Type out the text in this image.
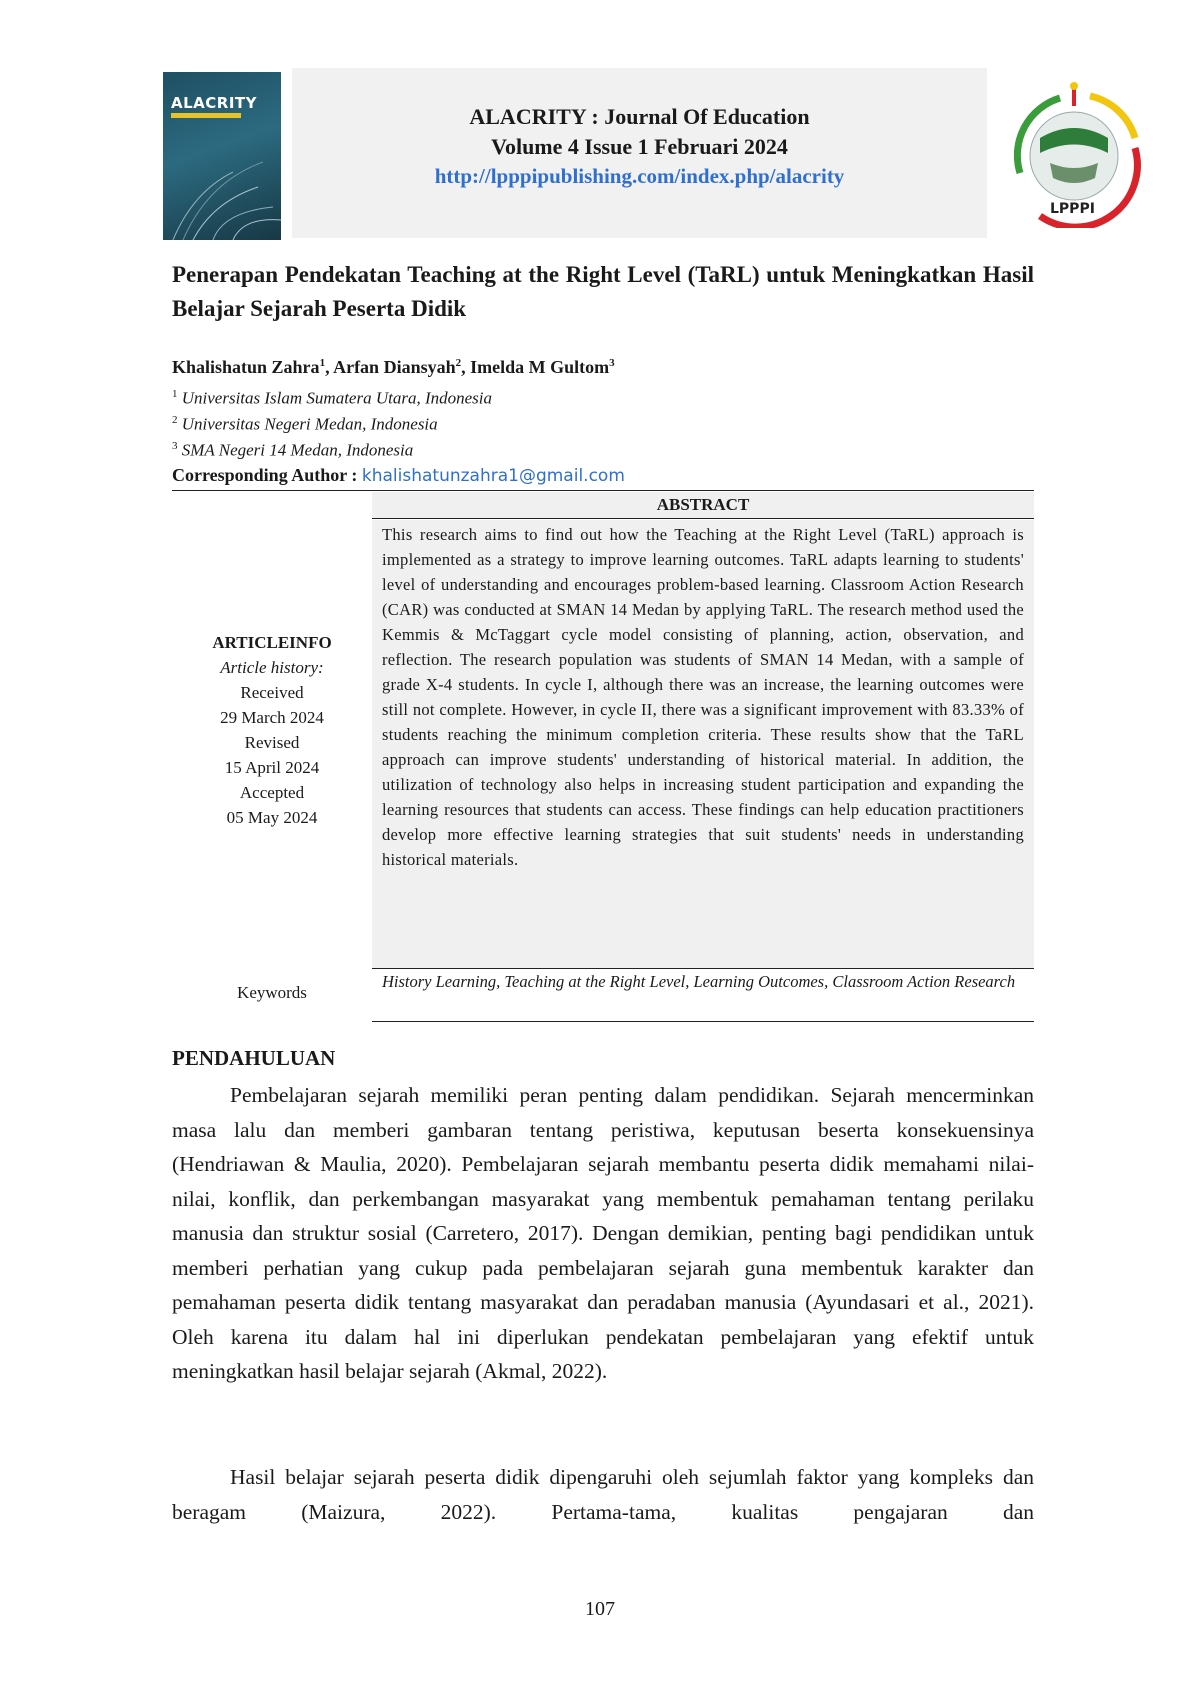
ALACRITY
ALACRITY : Journal Of Education
Volume 4 Issue 1 Februari 2024
http://lpppipublishing.com/index.php/alacrity
LPPPI
Penerapan Pendekatan Teaching at the Right Level (TaRL) untuk Meningkatkan Hasil Belajar Sejarah Peserta Didik
Khalishatun Zahra$^1$, Arfan Diansyah$^2$, Imelda M Gultom$^3$
$^1$ Universitas Islam Sumatera Utara, Indonesia
$^2$ Universitas Negeri Medan, Indonesia
$^3$ SMA Negeri 14 Medan, Indonesia
Corresponding Author : khalishatunzahra1@gmail.com
ABSTRACT
This research aims to find out how the Teaching at the Right Level (TaRL) approach is implemented as a strategy to improve learning outcomes. TaRL adapts learning to students' level of understanding and encourages problem-based learning. Classroom Action Research (CAR) was conducted at SMAN 14 Medan by applying TaRL. The research method used the Kemmis & McTaggart cycle model consisting of planning, action, observation, and reflection. The research population was students of SMAN 14 Medan, with a sample of grade X-4 students. In cycle I, although there was an increase, the learning outcomes were still not complete. However, in cycle II, there was a significant improvement with 83.33% of students reaching the minimum completion criteria. These results show that the TaRL approach can improve students' understanding of historical material. In addition, the utilization of technology also helps in increasing student participation and expanding the learning resources that students can access. These findings can help education practitioners develop more effective learning strategies that suit students' needs in understanding historical materials.
ARTICLEINFO
Article history:
Received
29 March 2024
Revised
15 April 2024
Accepted
05 May 2024
Keywords
History Learning, Teaching at the Right Level, Learning Outcomes, Classroom Action Research
PENDAHULUAN
Pembelajaran sejarah memiliki peran penting dalam pendidikan. Sejarah mencerminkan masa lalu dan memberi gambaran tentang peristiwa, keputusan beserta konsekuensinya (Hendriawan & Maulia, 2020). Pembelajaran sejarah membantu peserta didik memahami nilai-nilai, konflik, dan perkembangan masyarakat yang membentuk pemahaman tentang perilaku manusia dan struktur sosial (Carretero, 2017). Dengan demikian, penting bagi pendidikan untuk memberi perhatian yang cukup pada pembelajaran sejarah guna membentuk karakter dan pemahaman peserta didik tentang masyarakat dan peradaban manusia (Ayundasari et al., 2021). Oleh karena itu dalam hal ini diperlukan pendekatan pembelajaran yang efektif untuk meningkatkan hasil belajar sejarah (Akmal, 2022).
Hasil belajar sejarah peserta didik dipengaruhi oleh sejumlah faktor yang kompleks dan beragam (Maizura, 2022). Pertama-tama, kualitas pengajaran dan
107
